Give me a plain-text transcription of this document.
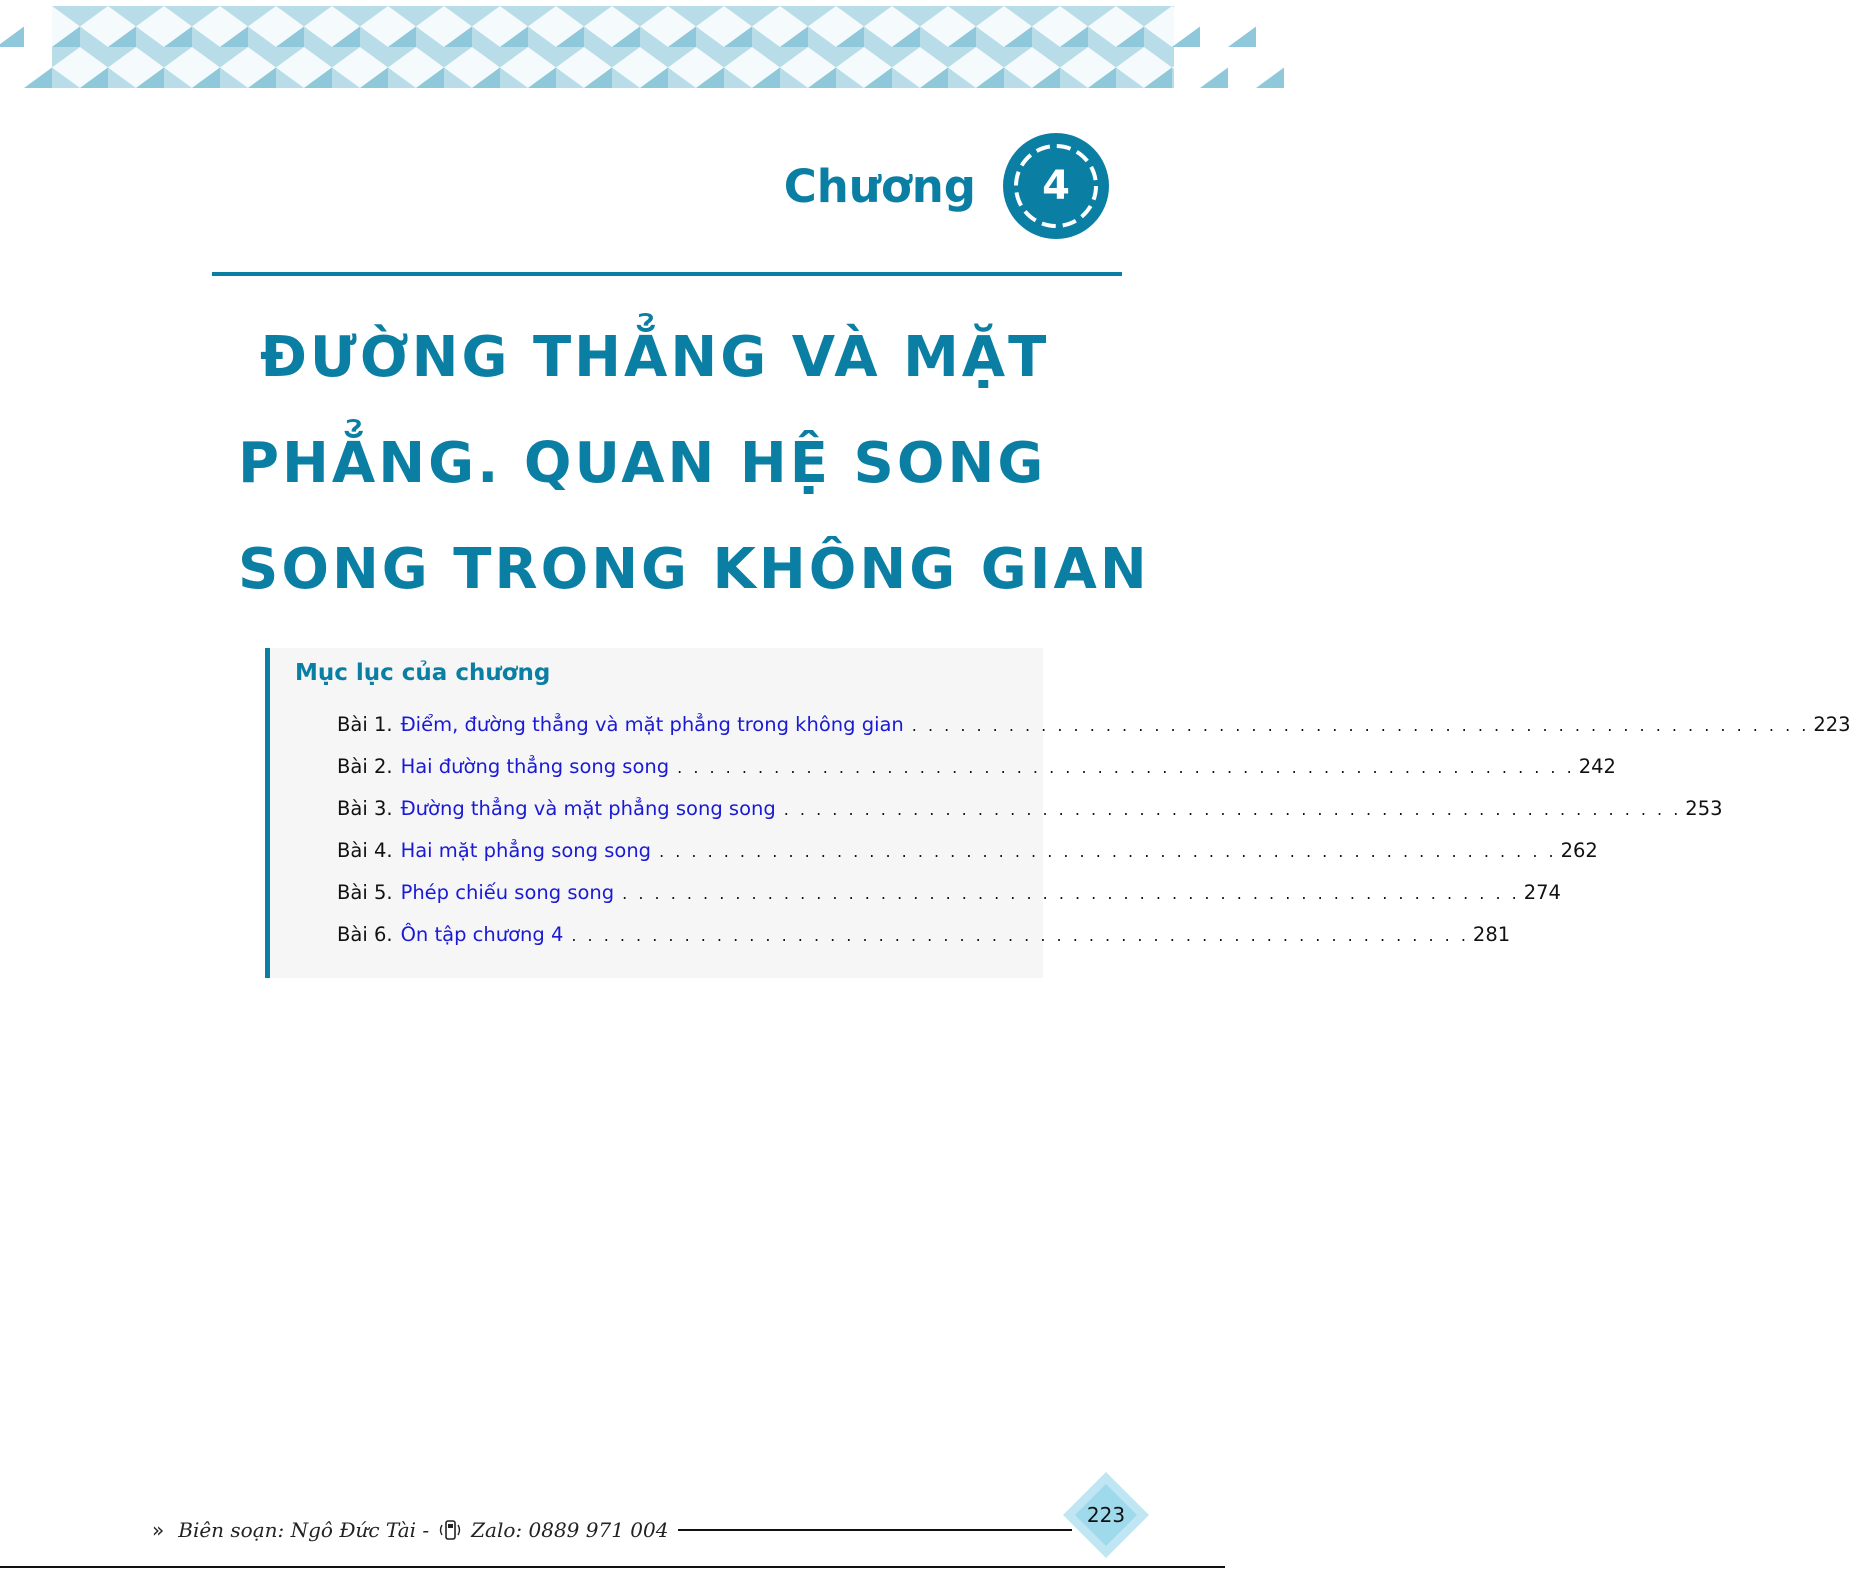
Chương	4
ĐƯỜNG THẲNG VÀ MẶT
PHẲNG. QUAN HỆ SONG
SONG TRONG KHÔNG GIAN
Mục lục của chương
Bài 1. Điểm, đường thẳng và mặt phẳng trong không gian . . . . . . . . . . . . . . . . . . . . . . . . . . . . . . . . . . . . . . . . . . . . . . . . . . . . . . . . 223
Bài 2. Hai đường thẳng song song . . . . . . . . . . . . . . . . . . . . . . . . . . . . . . . . . . . . . . . . . . . . . . . . . . . . . . . . 242
Bài 3. Đường thẳng và mặt phẳng song song . . . . . . . . . . . . . . . . . . . . . . . . . . . . . . . . . . . . . . . . . . . . . . . . . . . . . . . . 253
Bài 4. Hai mặt phẳng song song . . . . . . . . . . . . . . . . . . . . . . . . . . . . . . . . . . . . . . . . . . . . . . . . . . . . . . . . 262
Bài 5. Phép chiếu song song . . . . . . . . . . . . . . . . . . . . . . . . . . . . . . . . . . . . . . . . . . . . . . . . . . . . . . . . 274
Bài 6. Ôn tập chương 4 . . . . . . . . . . . . . . . . . . . . . . . . . . . . . . . . . . . . . . . . . . . . . . . . . . . . . . . . 281
» Biên soạn: Ngô Đức Tài - Zalo: 0889 971 004
223
